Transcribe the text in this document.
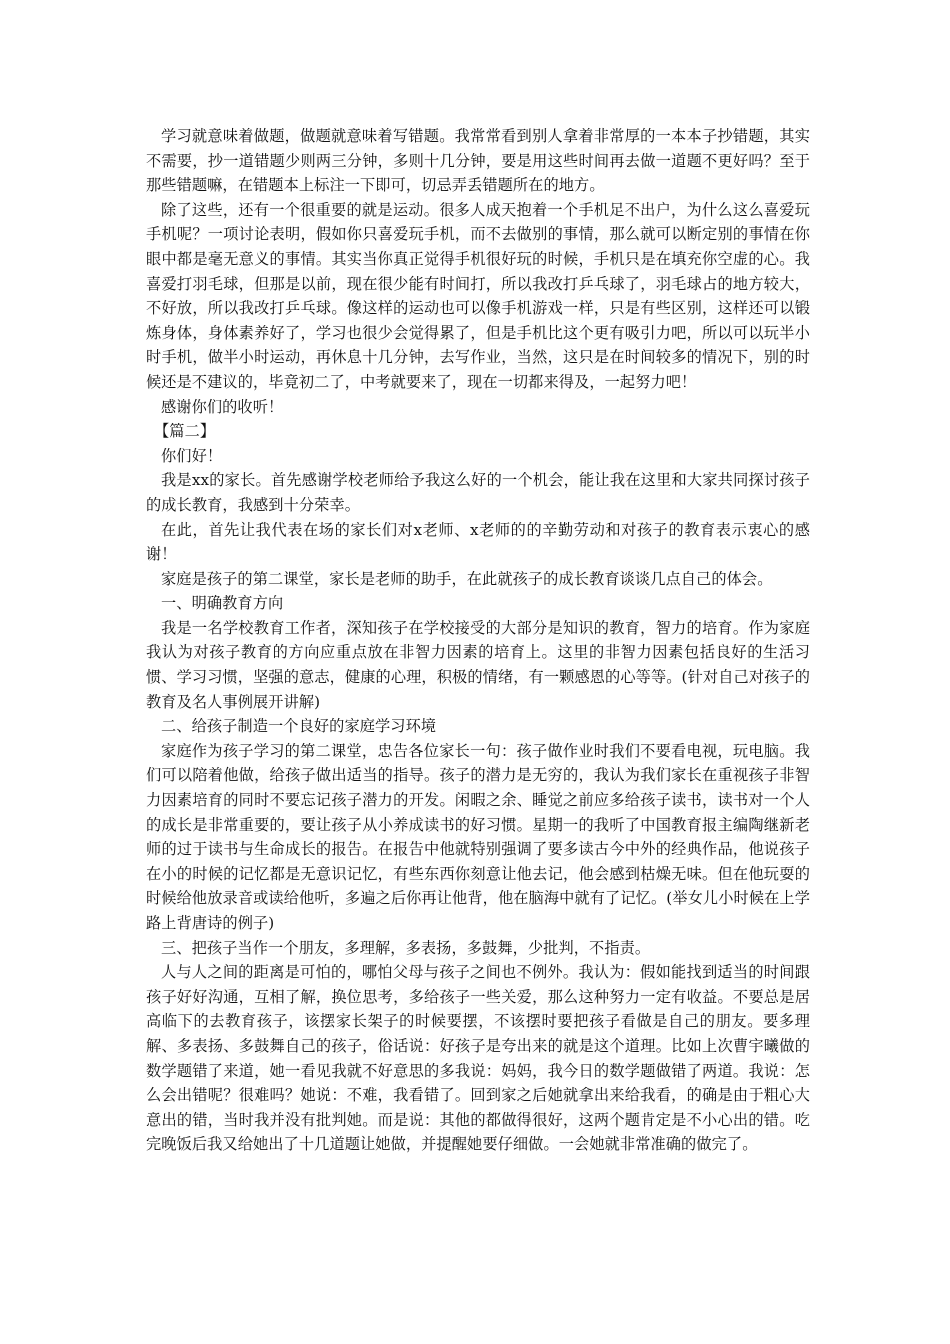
学习就意味着做题，做题就意味着写错题。我常常看到别人拿着非常厚的一本本子抄错题，其实不需要，抄一道错题少则两三分钟，多则十几分钟，要是用这些时间再去做一道题不更好吗？至于那些错题嘛，在错题本上标注一下即可，切忌弄丢错题所在的地方。

除了这些，还有一个很重要的就是运动。很多人成天抱着一个手机足不出户，为什么这么喜爱玩手机呢？一项讨论表明，假如你只喜爱玩手机，而不去做别的事情，那么就可以断定别的事情在你眼中都是毫无意义的事情。其实当你真正觉得手机很好玩的时候，手机只是在填充你空虚的心。我喜爱打羽毛球，但那是以前，现在很少能有时间打，所以我改打乒乓球了，羽毛球占的地方较大，不好放，所以我改打乒乓球。像这样的运动也可以像手机游戏一样，只是有些区别，这样还可以锻炼身体，身体素养好了，学习也很少会觉得累了，但是手机比这个更有吸引力吧，所以可以玩半小时手机，做半小时运动，再休息十几分钟，去写作业，当然，这只是在时间较多的情况下，别的时候还是不建议的，毕竟初二了，中考就要来了，现在一切都来得及，一起努力吧！

感谢你们的收听！

【篇二】

你们好！

我是xx的家长。首先感谢学校老师给予我这么好的一个机会，能让我在这里和大家共同探讨孩子的成长教育，我感到十分荣幸。

在此，首先让我代表在场的家长们对x老师、x老师的的辛勤劳动和对孩子的教育表示衷心的感谢！

家庭是孩子的第二课堂，家长是老师的助手，在此就孩子的成长教育谈谈几点自己的体会。

一、明确教育方向

我是一名学校教育工作者，深知孩子在学校接受的大部分是知识的教育，智力的培育。作为家庭我认为对孩子教育的方向应重点放在非智力因素的培育上。这里的非智力因素包括良好的生活习惯、学习习惯，坚强的意志，健康的心理，积极的情绪，有一颗感恩的心等等。(针对自己对孩子的教育及名人事例展开讲解)

二、给孩子制造一个良好的家庭学习环境

家庭作为孩子学习的第二课堂，忠告各位家长一句：孩子做作业时我们不要看电视，玩电脑。我们可以陪着他做，给孩子做出适当的指导。孩子的潜力是无穷的，我认为我们家长在重视孩子非智力因素培育的同时不要忘记孩子潜力的开发。闲暇之余、睡觉之前应多给孩子读书，读书对一个人的成长是非常重要的，要让孩子从小养成读书的好习惯。星期一的我听了中国教育报主编陶继新老师的过于读书与生命成长的报告。在报告中他就特别强调了要多读古今中外的经典作品，他说孩子在小的时候的记忆都是无意识记忆，有些东西你刻意让他去记，他会感到枯燥无味。但在他玩耍的时候给他放录音或读给他听，多遍之后你再让他背，他在脑海中就有了记忆。(举女儿小时候在上学路上背唐诗的例子)

三、把孩子当作一个朋友，多理解，多表扬，多鼓舞，少批判，不指责。

人与人之间的距离是可怕的，哪怕父母与孩子之间也不例外。我认为：假如能找到适当的时间跟孩子好好沟通，互相了解，换位思考，多给孩子一些关爱，那么这种努力一定有收益。不要总是居高临下的去教育孩子，该摆家长架子的时候要摆，不该摆时要把孩子看做是自己的朋友。要多理解、多表扬、多鼓舞自己的孩子，俗话说：好孩子是夸出来的就是这个道理。比如上次曹宇曦做的数学题错了来道，她一看见我就不好意思的多我说：妈妈，我今日的数学题做错了两道。我说：怎么会出错呢？很难吗？她说：不难，我看错了。回到家之后她就拿出来给我看，的确是由于粗心大意出的错，当时我并没有批判她。而是说：其他的都做得很好，这两个题肯定是不小心出的错。吃完晚饭后我又给她出了十几道题让她做，并提醒她要仔细做。一会她就非常准确的做完了。
